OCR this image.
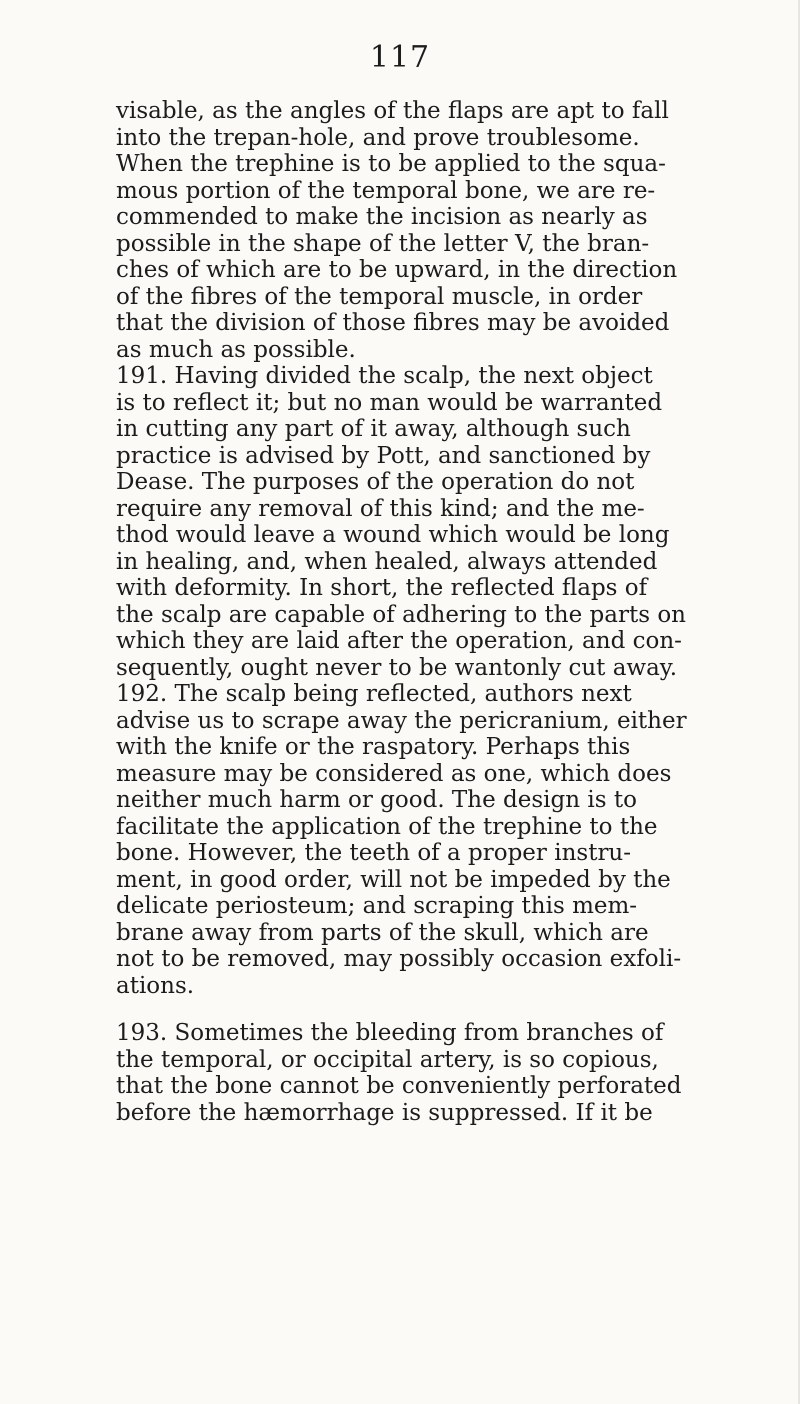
117
visable, as the angles of the flaps are apt to fall
into the trepan-hole, and prove troublesome.
When the trephine is to be applied to the squa-
mous portion of the temporal bone, we are re-
commended to make the incision as nearly as
possible in the shape of the letter V, the bran-
ches of which are to be upward, in the direction
of the fibres of the temporal muscle, in order
that the division of those fibres may be avoided
as much as possible.
191. Having divided the scalp, the next object
is to reflect it; but no man would be warranted
in cutting any part of it away, although such
practice is advised by Pott, and sanctioned by
Dease. The purposes of the operation do not
require any removal of this kind; and the me-
thod would leave a wound which would be long
in healing, and, when healed, always attended
with deformity. In short, the reflected flaps of
the scalp are capable of adhering to the parts on
which they are laid after the operation, and con-
sequently, ought never to be wantonly cut away.
192. The scalp being reflected, authors next
advise us to scrape away the pericranium, either
with the knife or the raspatory. Perhaps this
measure may be considered as one, which does
neither much harm or good. The design is to
facilitate the application of the trephine to the
bone. However, the teeth of a proper instru-
ment, in good order, will not be impeded by the
delicate periosteum; and scraping this mem-
brane away from parts of the skull, which are
not to be removed, may possibly occasion exfoli-
ations.
193. Sometimes the bleeding from branches of
the temporal, or occipital artery, is so copious,
that the bone cannot be conveniently perforated
before the hæmorrhage is suppressed. If it be
